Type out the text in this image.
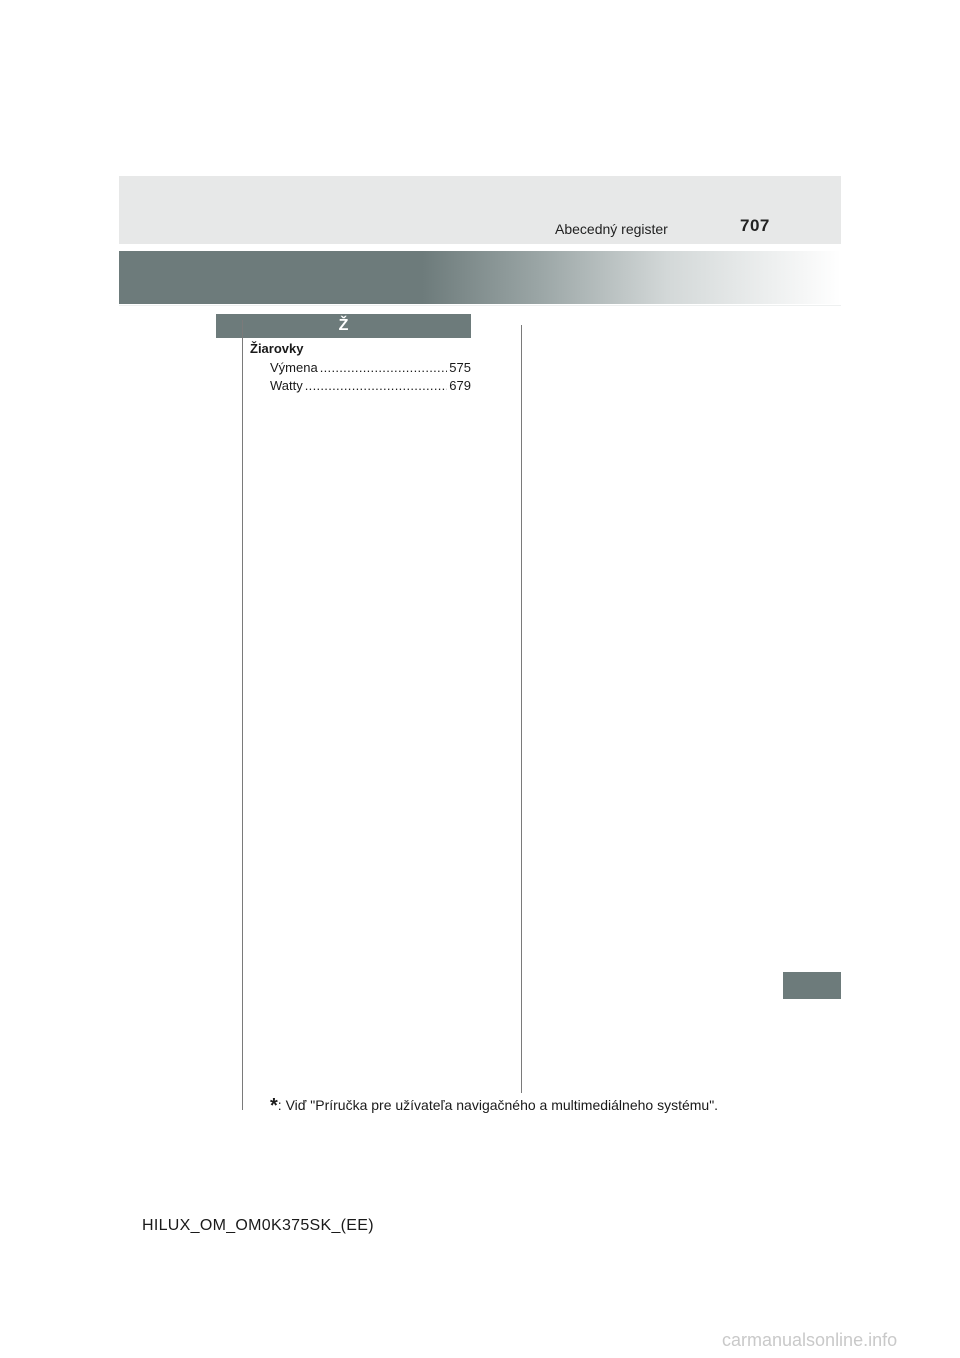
Abecedný register	707
Ž
Žiarovky
Výmena .....	575
Watty .....	679
*: Viď "Príručka pre užívateľa navigačného a multimediálneho systému".
HILUX_OM_OM0K375SK_(EE)
carmanualsonline.info
